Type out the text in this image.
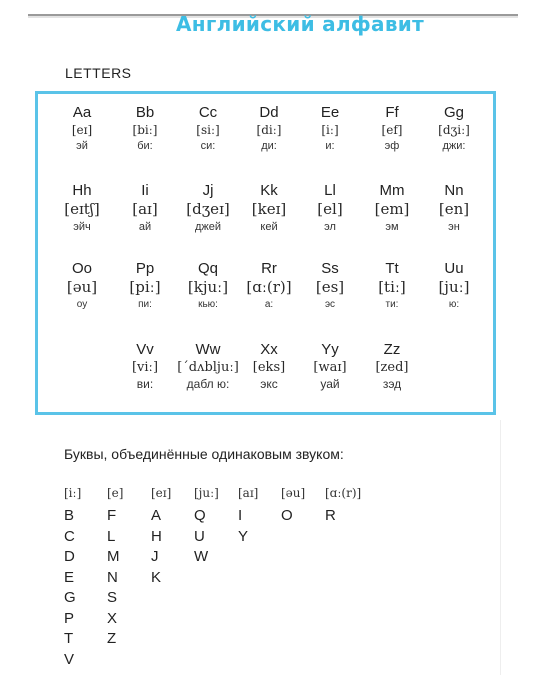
Английский алфавит
LETTERS
Aa
[eɪ]
эй
Bb
[biː]
би:
Cc
[siː]
си:
Dd
[diː]
ди:
Ee
[iː]
и:
Ff
[ef]
эф
Gg
[dʒiː]
джи:
Hh
[eɪtʃ]
эйч
Ii
[aɪ]
ай
Jj
[dʒeɪ]
джей
Kk
[keɪ]
кей
Ll
[el]
эл
Mm
[em]
эм
Nn
[en]
эн
Oo
[əu]
оу
Pp
[piː]
пи:
Qq
[kjuː]
кью:
Rr
[ɑː(r)]
а:
Ss
[es]
эс
Tt
[tiː]
ти:
Uu
[juː]
ю:
Vv
[viː]
ви:
Ww
[ˊdʌbljuː]
дабл ю:
Xx
[eks]
экс
Yy
[waɪ]
уай
Zz
[zed]
зэд
Буквы, объединённые одинаковым звуком:
[iː]
B
C
D
E
G
P
T
V
[e]
F
L
M
N
S
X
Z
[eɪ]
A
H
J
K
[juː]
Q
U
W
[aɪ]
I
Y
[əu]
O
[ɑː(r)]
R
